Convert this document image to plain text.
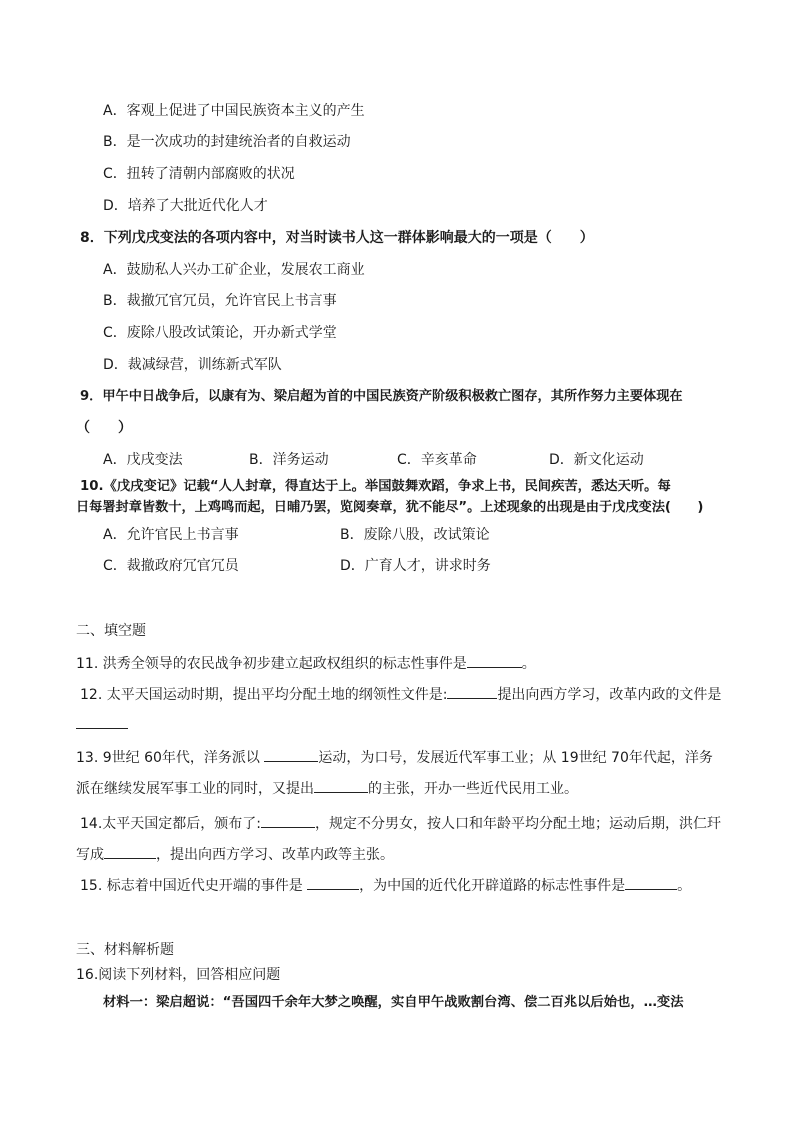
A．客观上促进了中国民族资本主义的产生
B．是一次成功的封建统治者的自救运动
C．扭转了清朝内部腐败的状况
D．培养了大批近代化人才
8．下列戊戌变法的各项内容中，对当时读书人这一群体影响最大的一项是（　　）
A．鼓励私人兴办工矿企业，发展农工商业
B．裁撤冗官冗员，允许官民上书言事
C．废除八股改试策论，开办新式学堂
D．裁减绿营，训练新式军队
9．甲午中日战争后，以康有为、梁启超为首的中国民族资产阶级积极救亡图存，其所作努力主要体现在
（　　）
A．戊戌变法	B．洋务运动	C．辛亥革命	D．新文化运动
10.《戊戌变记》记载“人人封章，得直达于上。举国鼓舞欢蹈，争求上书，民间疾苦，悉达天听。每
日每署封章皆数十，上鸡鸣而起，日晡乃罢，览阅奏章，犹不能尽”。上述现象的出现是由于戊戌变法(　　)
A．允许官民上书言事	B．废除八股，改试策论
C．裁撤政府冗官冗员	D．广育人才，讲求时务
二、填空题
11. 洪秀全领导的农民战争初步建立起政权组织的标志性事件是	。
12. 太平天国运动时期，提出平均分配土地的纲领性文件是:	提出向西方学习，改革内政的文件是
13. 9世纪 60年代，洋务派以	运动，为口号，发展近代军事工业；从 19世纪 70年代起，洋务
派在继续发展军事工业的同时，又提出	的主张，开办一些近代民用工业。
14.太平天国定都后，颁布了:	，规定不分男女，按人口和年龄平均分配土地；运动后期，洪仁玕
写成	，提出向西方学习、改革内政等主张。
15. 标志着中国近代史开端的事件是	，为中国的近代化开辟道路的标志性事件是	。
三、材料解析题
16.阅读下列材料，回答相应问题
材料一：梁启超说：“吾国四千余年大梦之唤醒，实自甲午战败割台湾、偿二百兆以后始也，…变法
